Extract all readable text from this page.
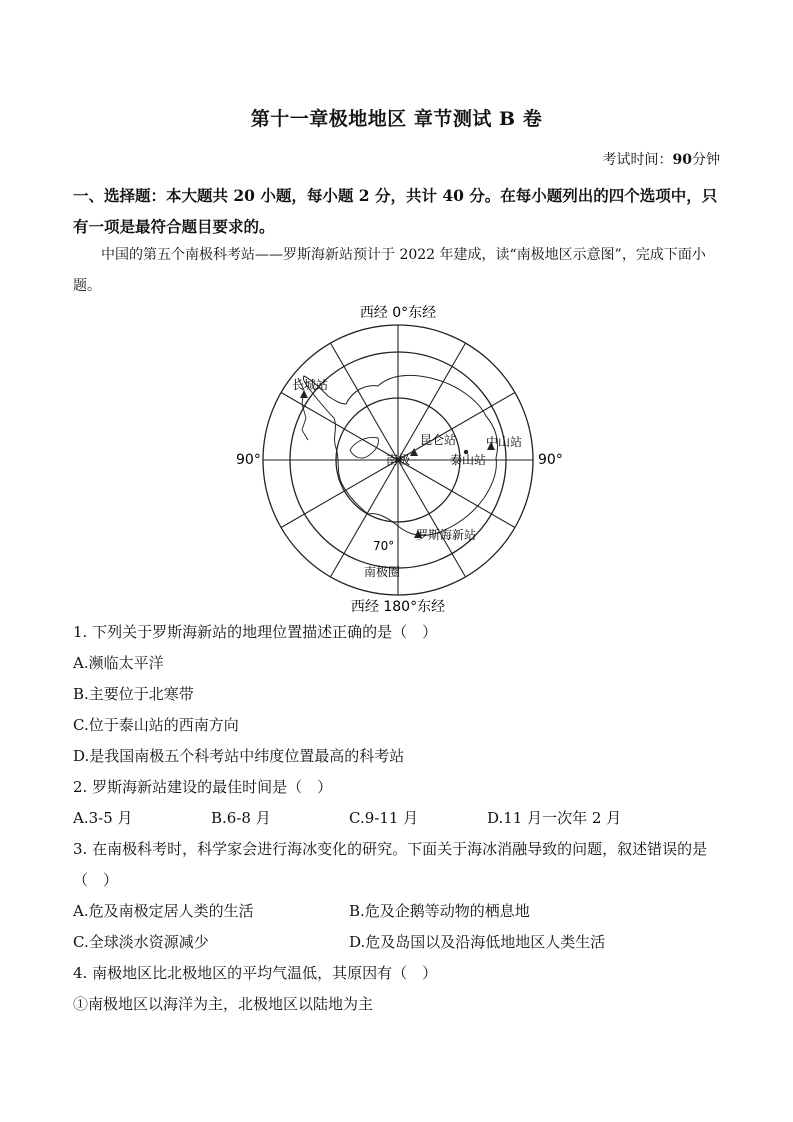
第十一章极地地区 章节测试 B 卷
考试时间：90分钟
一、选择题：本大题共 20 小题，每小题 2 分，共计 40 分。在每小题列出的四个选项中，只有一项是最符合题目要求的。
中国的第五个南极科考站——罗斯海新站预计于 2022 年建成，读“南极地区示意图”，完成下面小题。
西经 0°东经
西经 180°东经
90°	90°
长城站
昆仑站 中山站
泰山站
南极
罗斯海新站
70°
南极圈
1. 下列关于罗斯海新站的地理位置描述正确的是（　）
A.濒临太平洋
B.主要位于北寒带
C.位于泰山站的西南方向
D.是我国南极五个科考站中纬度位置最高的科考站
2. 罗斯海新站建设的最佳时间是（　）
A.3-5 月	B.6-8 月	C.9-11 月	D.11 月一次年 2 月
3. 在南极科考时，科学家会进行海冰变化的研究。下面关于海冰消融导致的问题，叙述错误的是（　）
A.危及南极定居人类的生活	B.危及企鹅等动物的栖息地
C.全球淡水资源减少	D.危及岛国以及沿海低地地区人类生活
4. 南极地区比北极地区的平均气温低，其原因有（　）
①南极地区以海洋为主，北极地区以陆地为主
